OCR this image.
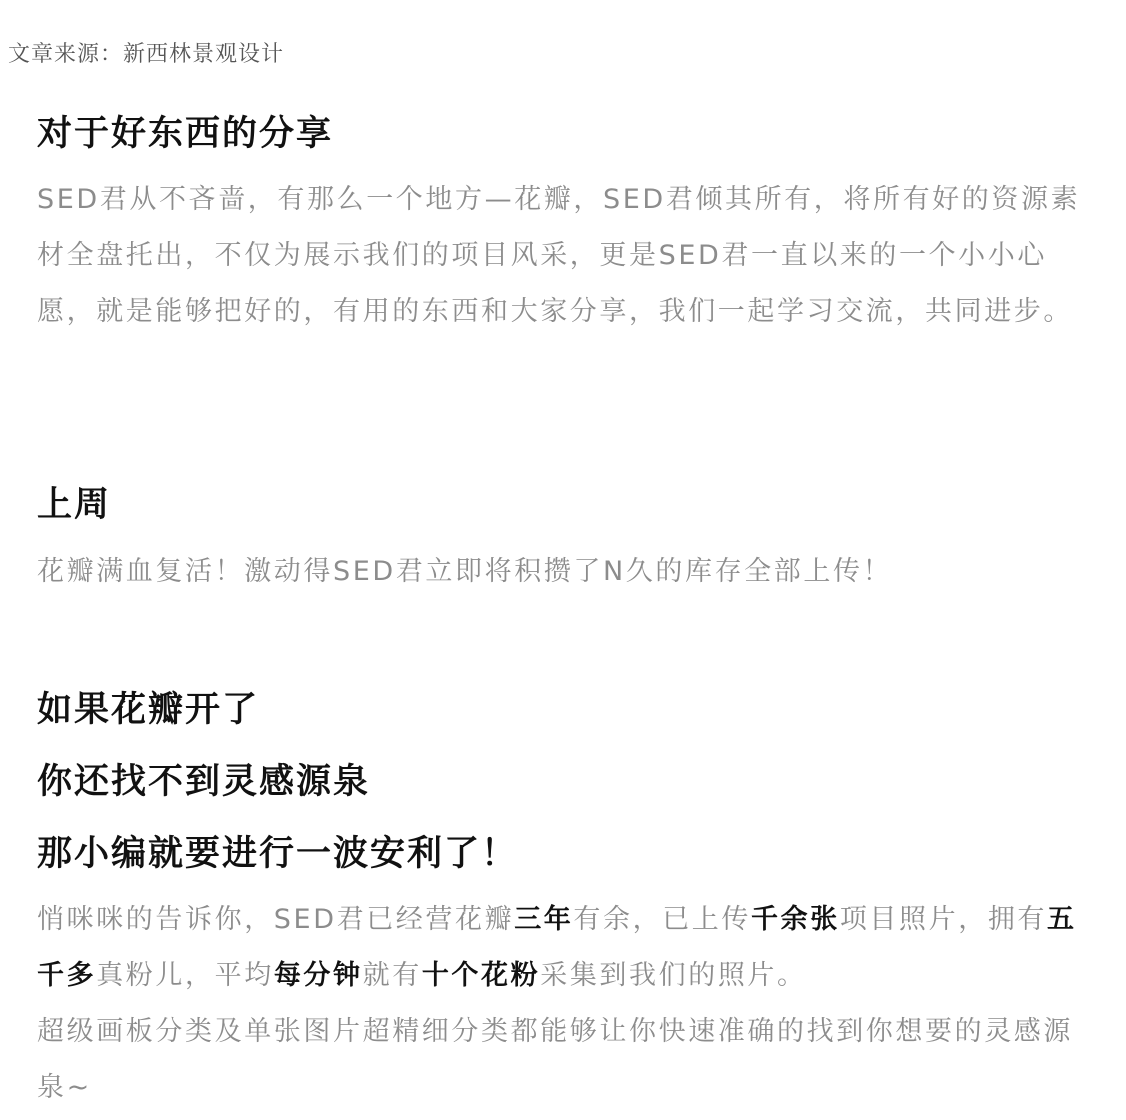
文章来源：新西林景观设计
对于好东西的分享

SED君从不吝啬，有那么一个地方—花瓣，SED君倾其所有，将所有好的资源素材全盘托出，不仅为展示我们的项目风采，更是SED君一直以来的一个小小心愿，就是能够把好的，有用的东西和大家分享，我们一起学习交流，共同进步。

上周

花瓣满血复活！激动得SED君立即将积攒了N久的库存全部上传！

如果花瓣开了
你还找不到灵感源泉
那小编就要进行一波安利了！

悄咪咪的告诉你，SED君已经营花瓣三年有余，已上传千余张项目照片，拥有五千多真粉儿，平均每分钟就有十个花粉采集到我们的照片。

超级画板分类及单张图片超精细分类都能够让你快速准确的找到你想要的灵感源泉~
